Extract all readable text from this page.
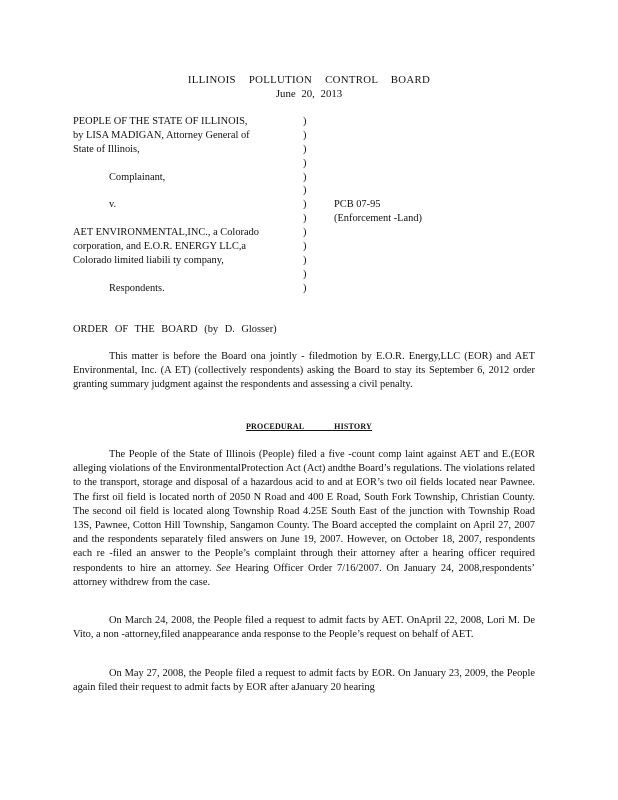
ILLINOIS POLLUTION CONTROL BOARD
June 20, 2013
PEOPLE OF THE STATE OF ILLINOIS,
by LISA MADIGAN, Attorney General of
State of Illinois,
Complainant,
v.
AET ENVIRONMENTAL,INC., a Colorado
corporation, and E.O.R. ENERGY LLC,a
Colorado limited liabili ty company,
Respondents.
)
)
)
)
)
)
)
)
)
)
)
)
)
PCB 07-95
(Enforcement -Land)
ORDER OF THE BOARD (by D. Glosser)
This matter is before the Board ona jointly - filedmotion by E.O.R. Energy,LLC (EOR) and AET Environmental, Inc. (A ET) (collectively respondents) asking the Board to stay its September 6, 2012 order granting summary judgment against the respondents and assessing a civil penalty.
PROCEDURAL HISTORY
The People of the State of Illinois (People) filed a five -count comp laint against AET and E.(EOR alleging violations of the EnvironmentalProtection Act (Act) andthe Board’s regulations. The violations related to the transport, storage and disposal of a hazardous acid to and at EOR’s two oil fields located near Pawnee. The first oil field is located north of 2050 N Road and 400 E Road, South Fork Township, Christian County. The second oil field is located along Township Road 4.25E South East of the junction with Township Road 13S, Pawnee, Cotton Hill Township, Sangamon County. The Board accepted the complaint on April 27, 2007 and the respondents separately filed answers on June 19, 2007. However, on October 18, 2007, respondents each re -filed an answer to the People’s complaint through their attorney after a hearing officer required respondents to hire an attorney. See Hearing Officer Order 7/16/2007. On January 24, 2008,respondents’ attorney withdrew from the case.
On March 24, 2008, the People filed a request to admit facts by AET. OnApril 22, 2008, Lori M. De Vito, a non -attorney,filed anappearance anda response to the People’s request on behalf of AET.
On May 27, 2008, the People filed a request to admit facts by EOR. On January 23, 2009, the People again filed their request to admit facts by EOR after aJanuary 20 hearing
